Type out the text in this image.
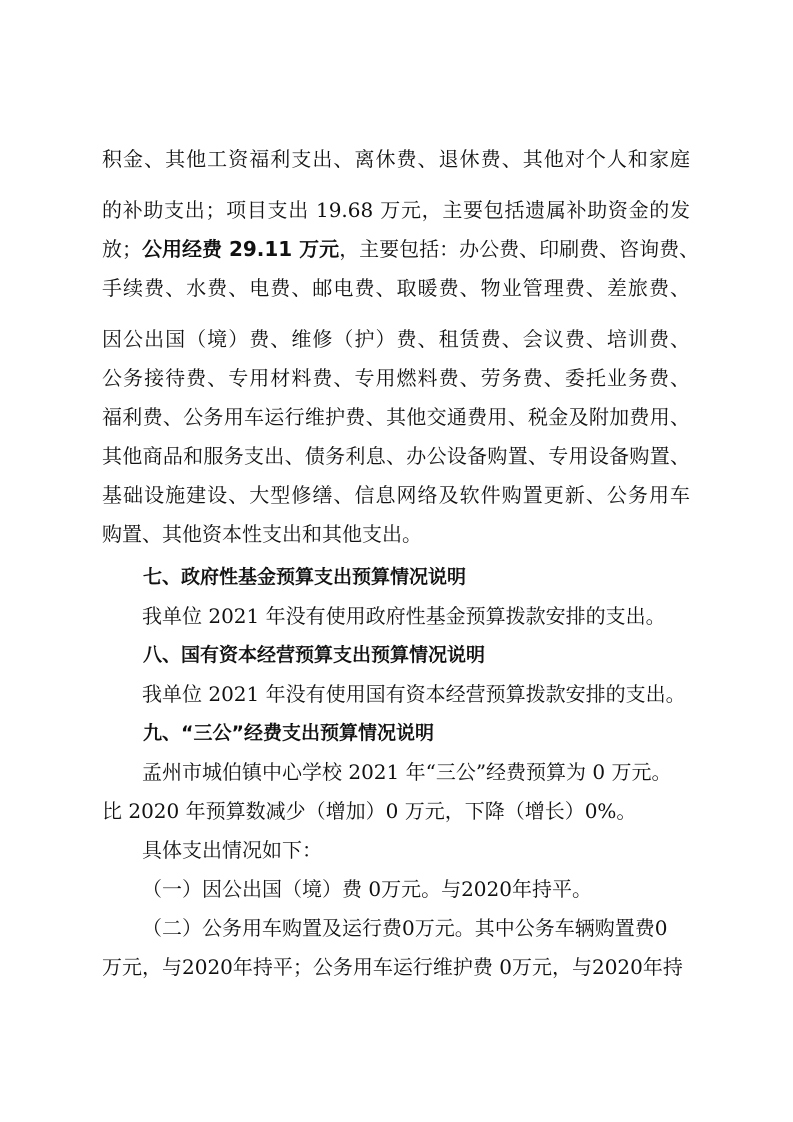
积金、其他工资福利支出、离休费、退休费、其他对个人和家庭
的补助支出；项目支出 19.68 万元，主要包括遗属补助资金的发
放； 公用经费 29.11 万元 ，主要包括：办公费、印刷费、咨询费、
手续费、水费、电费、邮电费、取暖费、物业管理费、差旅费、
因公出国（境）费、维修（护）费、租赁费、会议费、培训费、
公务接待费、专用材料费、专用燃料费、劳务费、委托业务费、
福利费、公务用车运行维护费、其他交通费用、税金及附加费用、
其他商品和服务支出、债务利息、办公设备购置、专用设备购置、
基础设施建设、大型修缮、信息网络及软件购置更新、公务用车
购置、其他资本性支出和其他支出。
七、政府性基金预算支出预算情况说明
我单位 2021 年没有使用政府性基金预算拨款安排的支出。
八、国有资本经营预算支出预算情况说明
我单位 2021 年没有使用国有资本经营预算拨款安排的支出。
九、“三公”经费支出预算情况说明
孟州市城伯镇中心学校 2021 年“三公”经费预算为 0 万元。
比 2020 年预算数减少（增加）0 万元，下降（增长）0%。
具体支出情况如下：
（一）因公出国（境）费 0万元。与2020年持平。
（二）公务用车购置及运行费0万元。其中公务车辆购置费0
万元，与2020年持平；公务用车运行维护费 0万元，与2020年持
